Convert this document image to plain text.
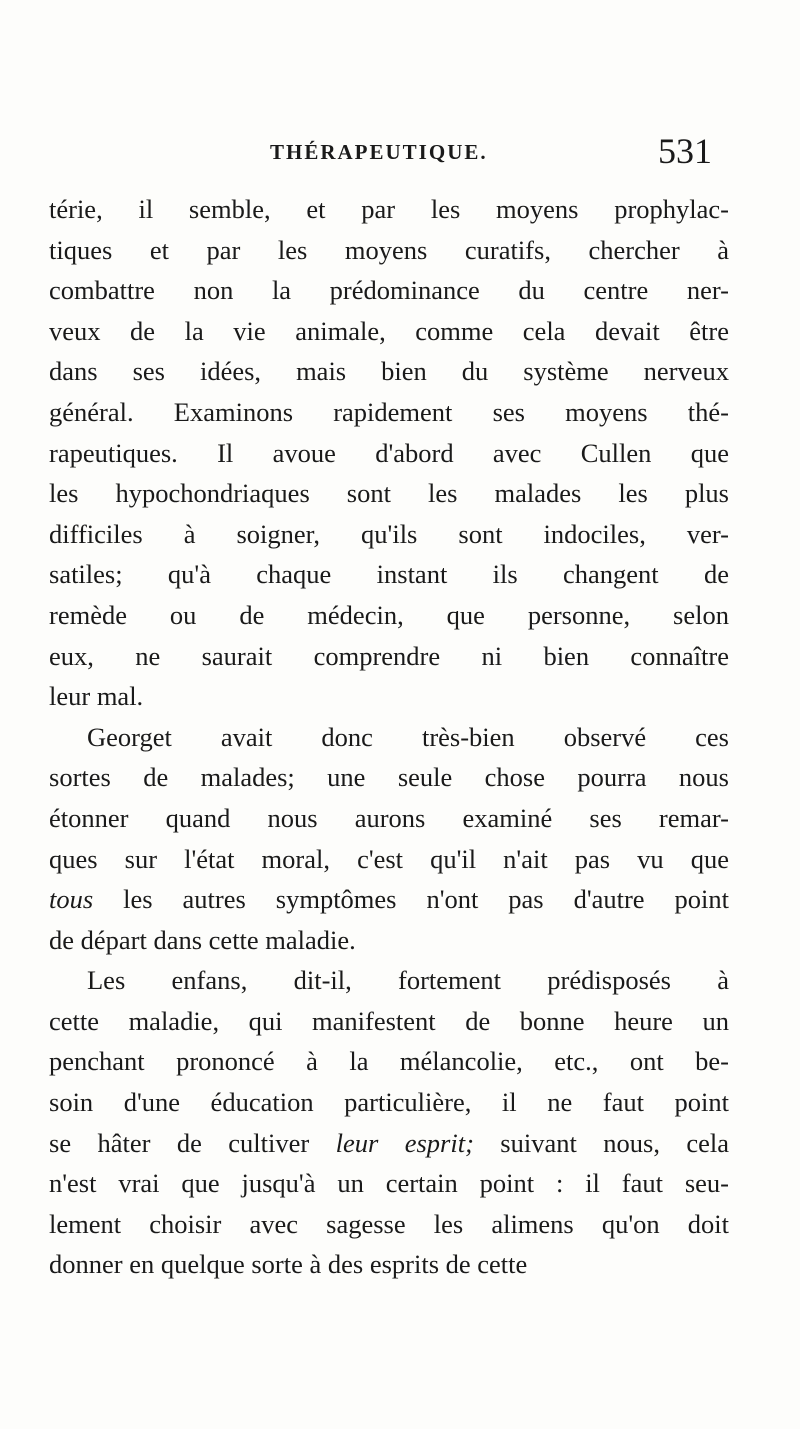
THÉRAPEUTIQUE.	531
térie, il semble, et par les moyens prophylac-
tiques et par les moyens curatifs, chercher à
combattre non la prédominance du centre ner-
veux de la vie animale, comme cela devait être
dans ses idées, mais bien du système nerveux
général. Examinons rapidement ses moyens thé-
rapeutiques. Il avoue d'abord avec Cullen que
les hypochondriaques sont les malades les plus
difficiles à soigner, qu'ils sont indociles, ver-
satiles; qu'à chaque instant ils changent de
remède ou de médecin, que personne, selon
eux, ne saurait comprendre ni bien connaître
leur mal.
Georget avait donc très-bien observé ces
sortes de malades; une seule chose pourra nous
étonner quand nous aurons examiné ses remar-
ques sur l'état moral, c'est qu'il n'ait pas vu que
tous les autres symptômes n'ont pas d'autre point
de départ dans cette maladie.
Les enfans, dit-il, fortement prédisposés à
cette maladie, qui manifestent de bonne heure un
penchant prononcé à la mélancolie, etc., ont be-
soin d'une éducation particulière, il ne faut point
se hâter de cultiver leur esprit; suivant nous, cela
n'est vrai que jusqu'à un certain point : il faut seu-
lement choisir avec sagesse les alimens qu'on doit
donner en quelque sorte à des esprits de cette
